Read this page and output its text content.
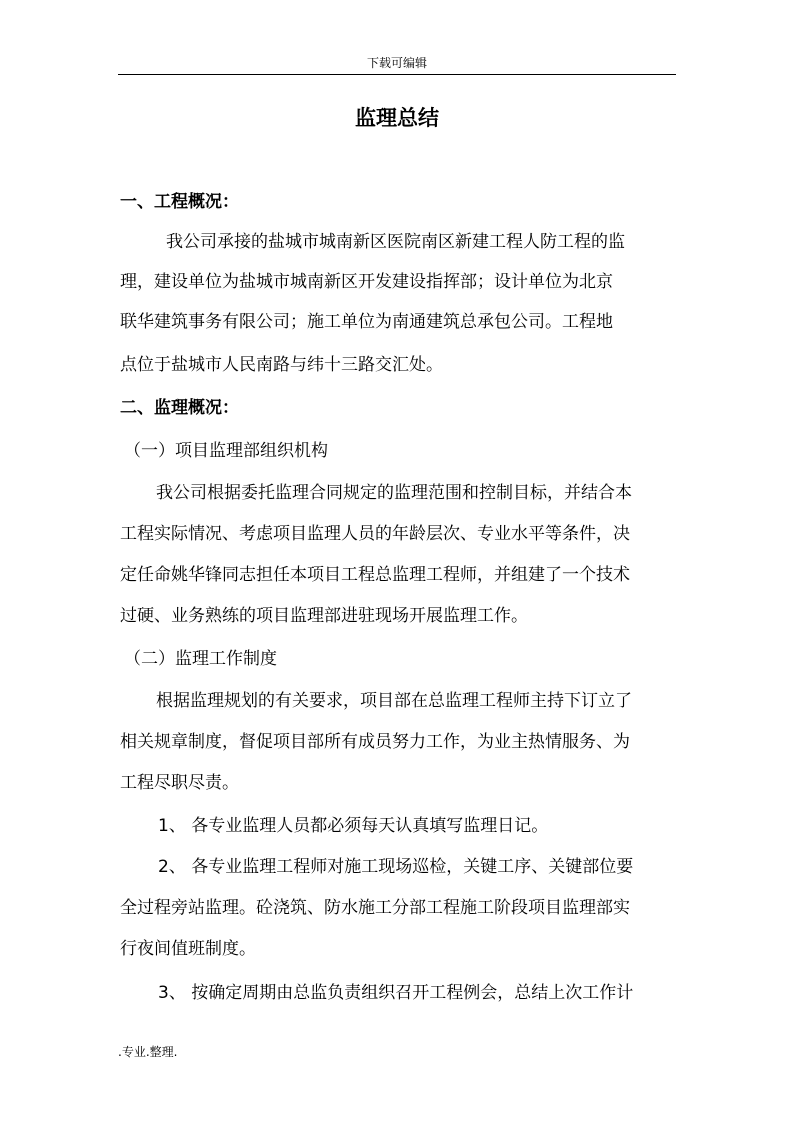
下载可编辑
监理总结
一、工程概况：
我公司承接的盐城市城南新区医院南区新建工程人防工程的监
理，建设单位为盐城市城南新区开发建设指挥部；设计单位为北京
联华建筑事务有限公司；施工单位为南通建筑总承包公司。工程地
点位于盐城市人民南路与纬十三路交汇处。
二、监理概况：
（一）项目监理部组织机构
我公司根据委托监理合同规定的监理范围和控制目标，并结合本
工程实际情况、考虑项目监理人员的年龄层次、专业水平等条件，决
定任命姚华锋同志担任本项目工程总监理工程师，并组建了一个技术
过硬、业务熟练的项目监理部进驻现场开展监理工作。
（二）监理工作制度
根据监理规划的有关要求，项目部在总监理工程师主持下订立了
相关规章制度，督促项目部所有成员努力工作，为业主热情服务、为
工程尽职尽责。
1、 各专业监理人员都必须每天认真填写监理日记。
2、 各专业监理工程师对施工现场巡检，关键工序、关键部位要
全过程旁站监理。砼浇筑、防水施工分部工程施工阶段项目监理部实
行夜间值班制度。
3、 按确定周期由总监负责组织召开工程例会，总结上次工作计
.专业.整理.
